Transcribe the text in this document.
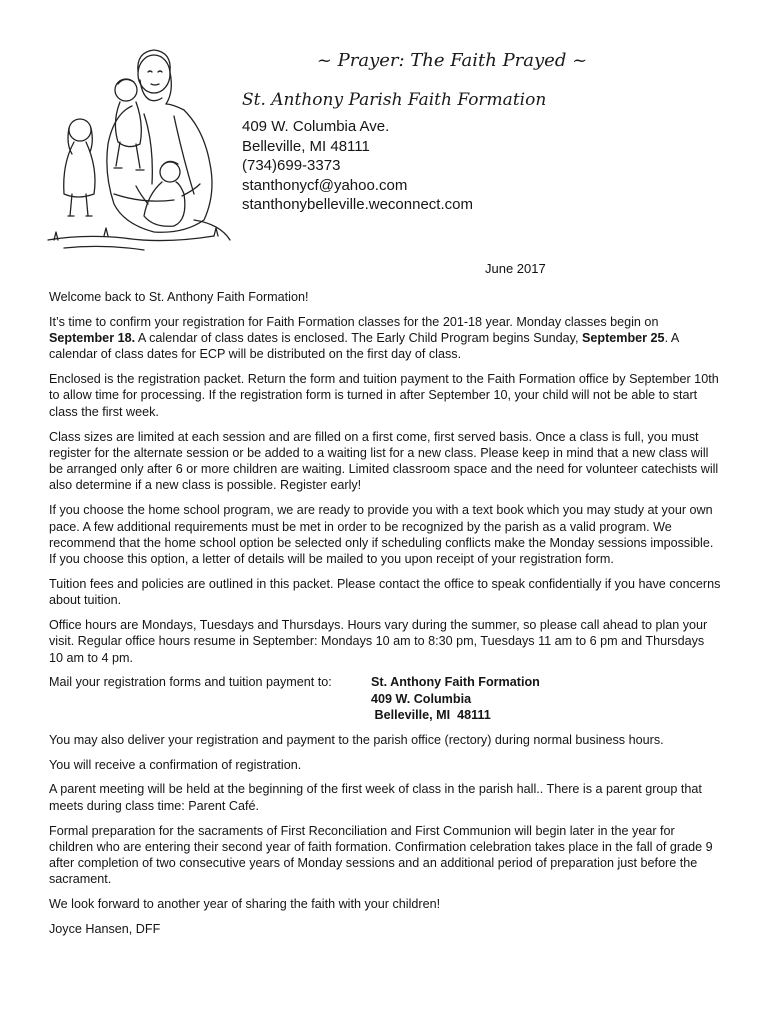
~ Prayer: The Faith Prayed ~
St. Anthony Parish Faith Formation
409 W. Columbia Ave.
Belleville, MI 48111
(734)699-3373
stanthonycf@yahoo.com
stanthonybelleville.weconnect.com
June 2017

Welcome back to St. Anthony Faith Formation!

It’s time to confirm your registration for Faith Formation classes for the 201-18 year. Monday classes begin on September 18. A calendar of class dates is enclosed. The Early Child Program begins Sunday, September 25. A calendar of class dates for ECP will be distributed on the first day of class.

Enclosed is the registration packet. Return the form and tuition payment to the Faith Formation office by September 10th to allow time for processing. If the registration form is turned in after September 10, your child will not be able to start class the first week.

Class sizes are limited at each session and are filled on a first come, first served basis. Once a class is full, you must register for the alternate session or be added to a waiting list for a new class. Please keep in mind that a new class will be arranged only after 6 or more children are waiting. Limited classroom space and the need for volunteer catechists will also determine if a new class is possible. Register early!

If you choose the home school program, we are ready to provide you with a text book which you may study at your own pace. A few additional requirements must be met in order to be recognized by the parish as a valid program. We recommend that the home school option be selected only if scheduling conflicts make the Monday sessions impossible. If you choose this option, a letter of details will be mailed to you upon receipt of your registration form.

Tuition fees and policies are outlined in this packet. Please contact the office to speak confidentially if you have concerns about tuition.

Office hours are Mondays, Tuesdays and Thursdays. Hours vary during the summer, so please call ahead to plan your visit. Regular office hours resume in September: Mondays 10 am to 8:30 pm, Tuesdays 11 am to 6 pm and Thursdays 10 am to 4 pm.

Mail your registration forms and tuition payment to:	St. Anthony Faith Formation
409 W. Columbia
Belleville, MI  48111

You may also deliver your registration and payment to the parish office (rectory) during normal business hours.

You will receive a confirmation of registration.

A parent meeting will be held at the beginning of the first week of class in the parish hall.. There is a parent group that meets during class time: Parent Café.

Formal preparation for the sacraments of First Reconciliation and First Communion will begin later in the year for children who are entering their second year of faith formation. Confirmation celebration takes place in the fall of grade 9 after completion of two consecutive years of Monday sessions and an additional period of preparation just before the sacrament.

We look forward to another year of sharing the faith with your children!

Joyce Hansen, DFF
